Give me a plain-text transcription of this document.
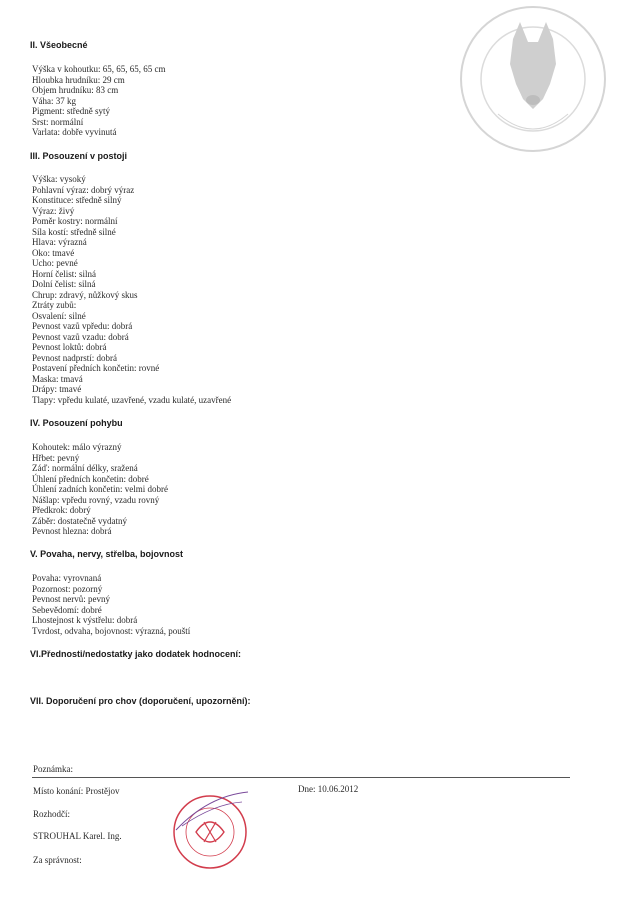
II. Všeobecné
Výška v kohoutku: 65, 65, 65, 65 cm
Hloubka hrudníku: 29 cm
Objem hrudníku: 83 cm
Váha: 37 kg
Pigment: středně sytý
Srst: normální
Varlata: dobře vyvinutá
III. Posouzení v postoji
Výška: vysoký
Pohlavní výraz: dobrý výraz
Konstituce: středně silný
Výraz: živý
Poměr kostry: normální
Síla kostí: středně silné
Hlava: výrazná
Oko: tmavé
Ucho: pevné
Horní čelist: silná
Dolní čelist: silná
Chrup: zdravý, nůžkový skus
Ztráty zubů:
Osvalení: silné
Pevnost vazů vpředu: dobrá
Pevnost vazů vzadu: dobrá
Pevnost loktů: dobrá
Pevnost nadprstí: dobrá
Postavení předních končetin: rovné
Maska: tmavá
Drápy: tmavé
Tlapy: vpředu kulaté, uzavřené, vzadu kulaté, uzavřené
IV. Posouzení pohybu
Kohoutek: málo výrazný
Hřbet: pevný
Záď: normální délky, sražená
Úhlení předních končetin: dobré
Úhlení zadních končetin: velmi dobré
Nášlap: vpředu rovný, vzadu rovný
Předkrok: dobrý
Záběr: dostatečně vydatný
Pevnost hlezna: dobrá
V. Povaha, nervy, střelba, bojovnost
Povaha: vyrovnaná
Pozornost: pozorný
Pevnost nervů: pevný
Sebevědomí: dobré
Lhostejnost k výstřelu: dobrá
Tvrdost, odvaha, bojovnost: výrazná, pouští
VI.Přednosti/nedostatky jako dodatek hodnocení:
VII. Doporučení pro chov (doporučení, upozornění):
Poznámka:
Místo konání: Prostějov	Dne: 10.06.2012
Rozhodčí:
STROUHAL Karel. Ing.
Za správnost:
